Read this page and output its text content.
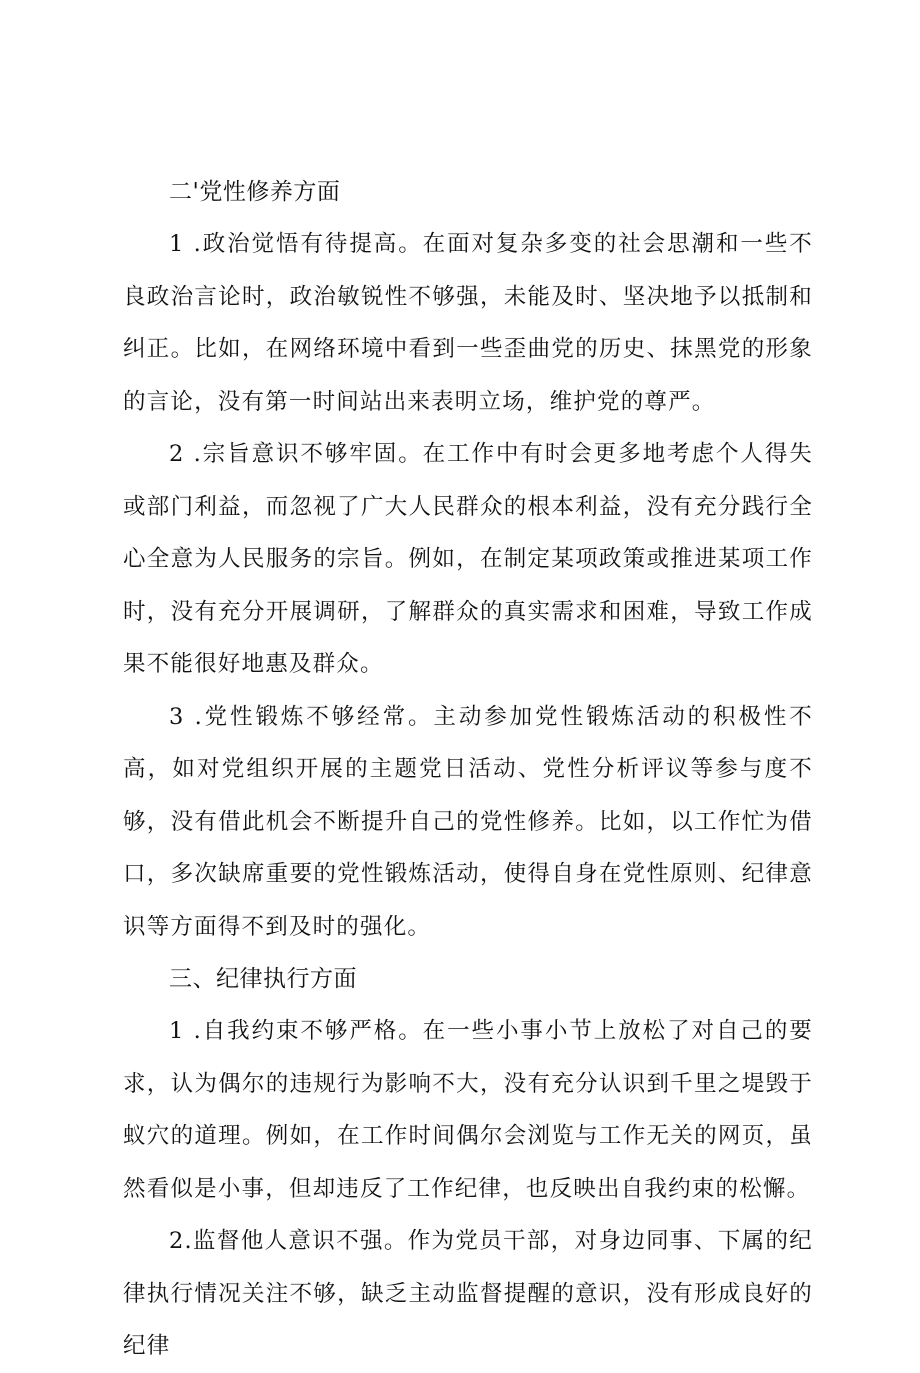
二'党性修养方面

1 .政治觉悟有待提高。在面对复杂多变的社会思潮和一些不良政治言论时，政治敏锐性不够强，未能及时、坚决地予以抵制和纠正。比如，在网络环境中看到一些歪曲党的历史、抹黑党的形象的言论，没有第一时间站出来表明立场，维护党的尊严。

2 .宗旨意识不够牢固。在工作中有时会更多地考虑个人得失或部门利益，而忽视了广大人民群众的根本利益，没有充分践行全心全意为人民服务的宗旨。例如，在制定某项政策或推进某项工作时，没有充分开展调研，了解群众的真实需求和困难，导致工作成果不能很好地惠及群众。

3 .党性锻炼不够经常。主动参加党性锻炼活动的积极性不高，如对党组织开展的主题党日活动、党性分析评议等参与度不够，没有借此机会不断提升自己的党性修养。比如，以工作忙为借口，多次缺席重要的党性锻炼活动，使得自身在党性原则、纪律意识等方面得不到及时的强化。

三、纪律执行方面

1 .自我约束不够严格。在一些小事小节上放松了对自己的要求，认为偶尔的违规行为影响不大，没有充分认识到千里之堤毁于蚁穴的道理。例如，在工作时间偶尔会浏览与工作无关的网页，虽然看似是小事，但却违反了工作纪律，也反映出自我约束的松懈。

2.监督他人意识不强。作为党员干部，对身边同事、下属的纪律执行情况关注不够，缺乏主动监督提醒的意识，没有形成良好的纪律
